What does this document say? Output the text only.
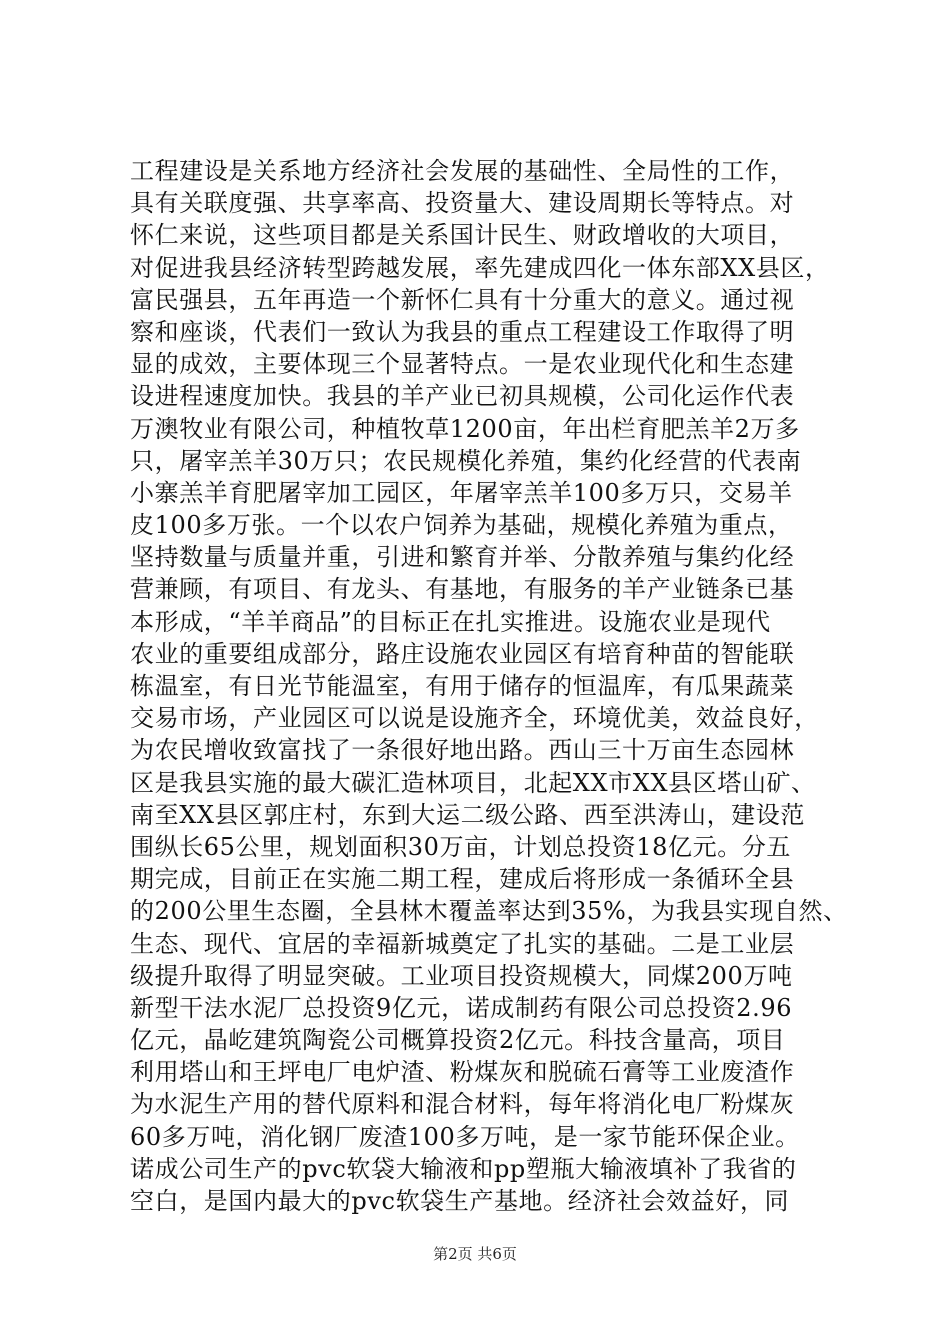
工程建设是关系地方经济社会发展的基础性、全局性的工作，
具有关联度强、共享率高、投资量大、建设周期长等特点。对
怀仁来说，这些项目都是关系国计民生、财政增收的大项目，
对促进我县经济转型跨越发展，率先建成四化一体东部XX县区，
富民强县，五年再造一个新怀仁具有十分重大的意义。通过视
察和座谈，代表们一致认为我县的重点工程建设工作取得了明
显的成效，主要体现三个显著特点。一是农业现代化和生态建
设进程速度加快。我县的羊产业已初具规模，公司化运作代表
万澳牧业有限公司，种植牧草1200亩，年出栏育肥羔羊2万多
只，屠宰羔羊30万只；农民规模化养殖，集约化经营的代表南
小寨羔羊育肥屠宰加工园区，年屠宰羔羊100多万只，交易羊
皮100多万张。一个以农户饲养为基础，规模化养殖为重点，
坚持数量与质量并重，引进和繁育并举、分散养殖与集约化经
营兼顾，有项目、有龙头、有基地，有服务的羊产业链条已基
本形成，“羊羊商品”的目标正在扎实推进。设施农业是现代
农业的重要组成部分，路庄设施农业园区有培育种苗的智能联
栋温室，有日光节能温室，有用于储存的恒温库，有瓜果蔬菜
交易市场，产业园区可以说是设施齐全，环境优美，效益良好，
为农民增收致富找了一条很好地出路。西山三十万亩生态园林
区是我县实施的最大碳汇造林项目，北起XX市XX县区塔山矿、
南至XX县区郭庄村，东到大运二级公路、西至洪涛山，建设范
围纵长65公里，规划面积30万亩，计划总投资18亿元。分五
期完成，目前正在实施二期工程，建成后将形成一条循环全县
的200公里生态圈，全县林木覆盖率达到35%，为我县实现自然、
生态、现代、宜居的幸福新城奠定了扎实的基础。二是工业层
级提升取得了明显突破。工业项目投资规模大，同煤200万吨
新型干法水泥厂总投资9亿元，诺成制药有限公司总投资2.96
亿元，晶屹建筑陶瓷公司概算投资2亿元。科技含量高，项目
利用塔山和王坪电厂电炉渣、粉煤灰和脱硫石膏等工业废渣作
为水泥生产用的替代原料和混合材料，每年将消化电厂粉煤灰
60多万吨，消化钢厂废渣100多万吨，是一家节能环保企业。
诺成公司生产的pvc软袋大输液和pp塑瓶大输液填补了我省的
空白，是国内最大的pvc软袋生产基地。经济社会效益好，同
第2页 共6页
